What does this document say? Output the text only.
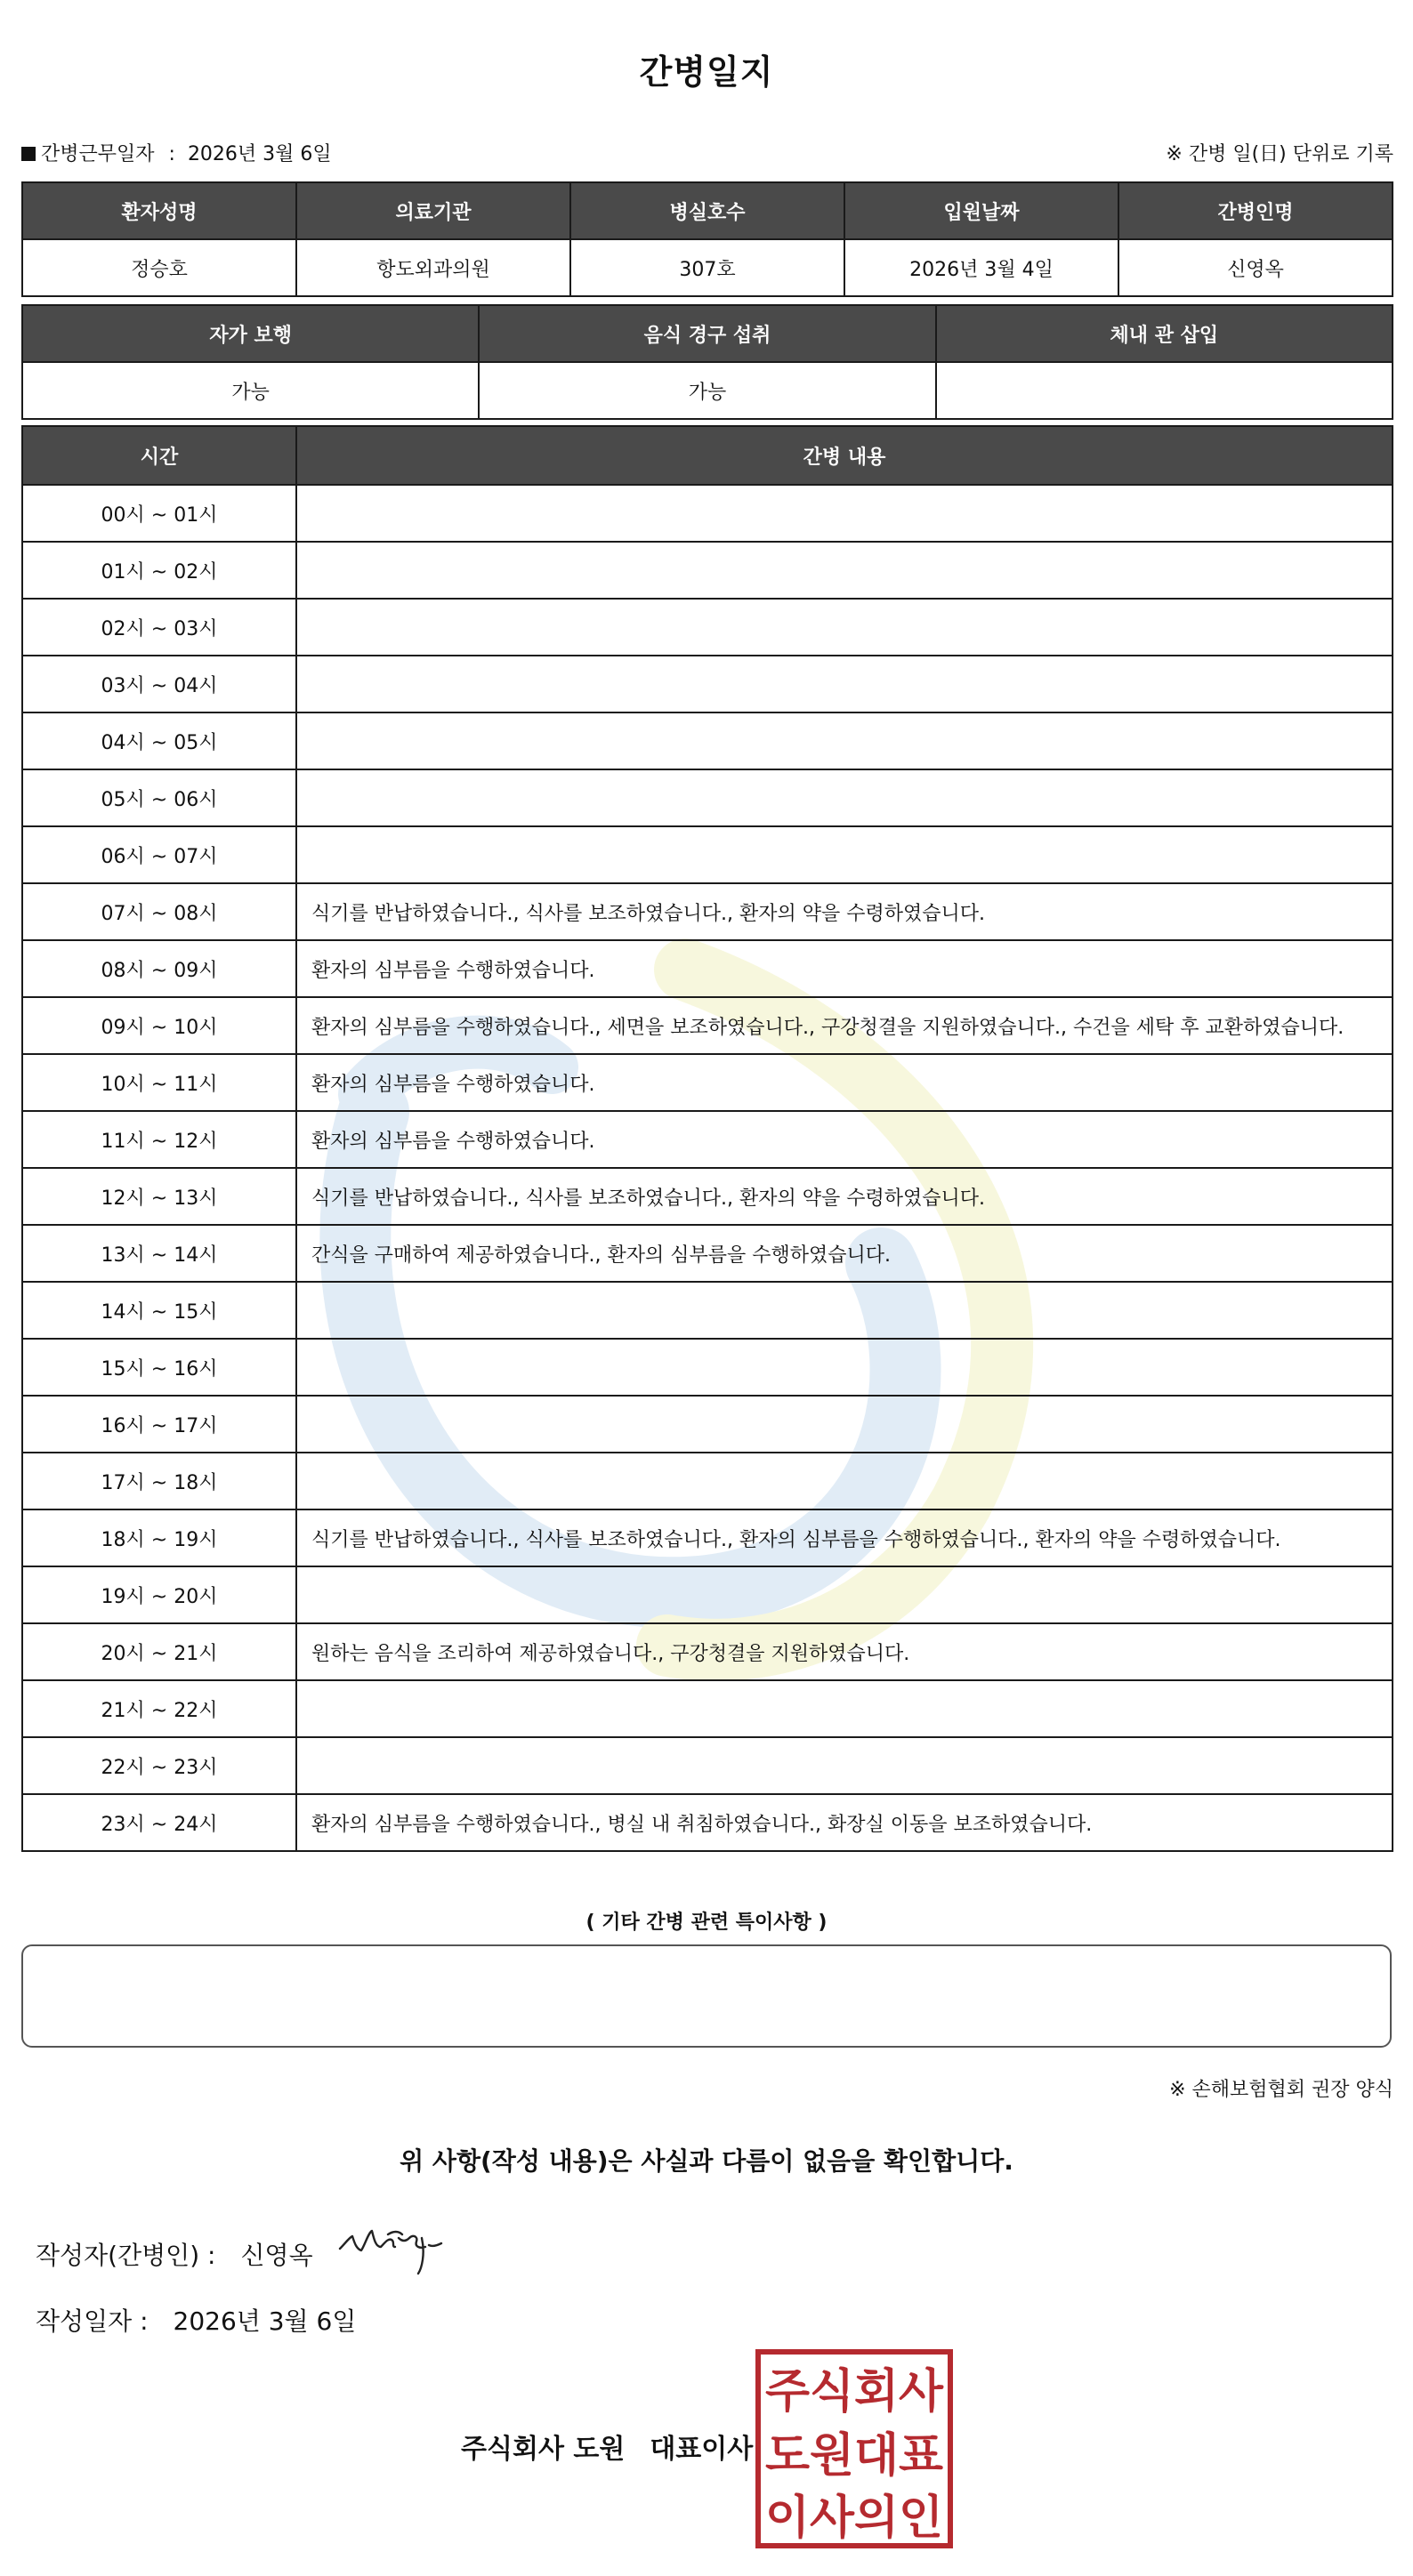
간병일지
간병근무일자 : 2026년 3월 6일	※ 간병 일(日) 단위로 기록
환자성명	의료기관	병실호수	입원날짜	간병인명
정승호	항도외과의원	307호	2026년 3월 4일	신영옥
자가 보행	음식 경구 섭취	체내 관 삽입
가능	가능	
시간	간병 내용
00시 ~ 01시	
01시 ~ 02시	
02시 ~ 03시	
03시 ~ 04시	
04시 ~ 05시	
05시 ~ 06시	
06시 ~ 07시	
07시 ~ 08시	식기를 반납하였습니다., 식사를 보조하였습니다., 환자의 약을 수령하였습니다.
08시 ~ 09시	환자의 심부름을 수행하였습니다.
09시 ~ 10시	환자의 심부름을 수행하였습니다., 세면을 보조하였습니다., 구강청결을 지원하였습니다., 수건을 세탁 후 교환하였습니다.
10시 ~ 11시	환자의 심부름을 수행하였습니다.
11시 ~ 12시	환자의 심부름을 수행하였습니다.
12시 ~ 13시	식기를 반납하였습니다., 식사를 보조하였습니다., 환자의 약을 수령하였습니다.
13시 ~ 14시	간식을 구매하여 제공하였습니다., 환자의 심부름을 수행하였습니다.
14시 ~ 15시	
15시 ~ 16시	
16시 ~ 17시	
17시 ~ 18시	
18시 ~ 19시	식기를 반납하였습니다., 식사를 보조하였습니다., 환자의 심부름을 수행하였습니다., 환자의 약을 수령하였습니다.
19시 ~ 20시	
20시 ~ 21시	원하는 음식을 조리하여 제공하였습니다., 구강청결을 지원하였습니다.
21시 ~ 22시	
22시 ~ 23시	
23시 ~ 24시	환자의 심부름을 수행하였습니다., 병실 내 취침하였습니다., 화장실 이동을 보조하였습니다.
( 기타 간병 관련 특이사항 )
※ 손해보험협회 권장 양식
위 사항(작성 내용)은 사실과 다름이 없음을 확인합니다.
작성자(간병인) : 신영옥
작성일자 : 2026년 3월 6일
주식회사 도원 대표이사
주식회사
도원대표
이사의인
